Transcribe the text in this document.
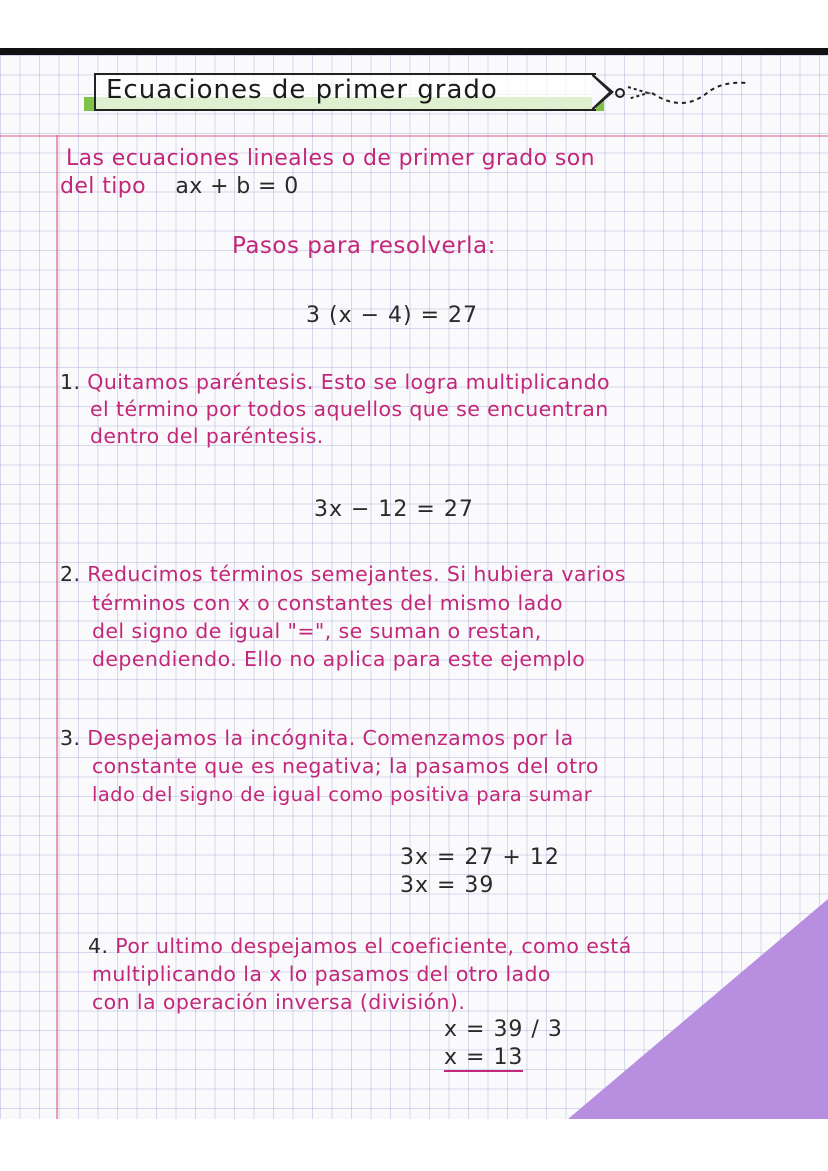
Ecuaciones de primer grado
Las ecuaciones lineales o de primer grado son
del tipo ax + b = 0
Pasos para resolverla:
3 (x − 4) = 27
1. Quitamos paréntesis. Esto se logra multiplicando
el término por todos aquellos que se encuentran
dentro del paréntesis.
3x − 12 = 27
2. Reducimos términos semejantes. Si hubiera varios
términos con x o constantes del mismo lado
del signo de igual "=", se suman o restan,
dependiendo. Ello no aplica para este ejemplo
3. Despejamos la incógnita. Comenzamos por la
constante que es negativa; la pasamos del otro
lado del signo de igual como positiva para sumar
3x = 27 + 12
3x = 39
4. Por ultimo despejamos el coeficiente, como está
multiplicando la x lo pasamos del otro lado
con la operación inversa (división).
x = 39 / 3
x = 13
